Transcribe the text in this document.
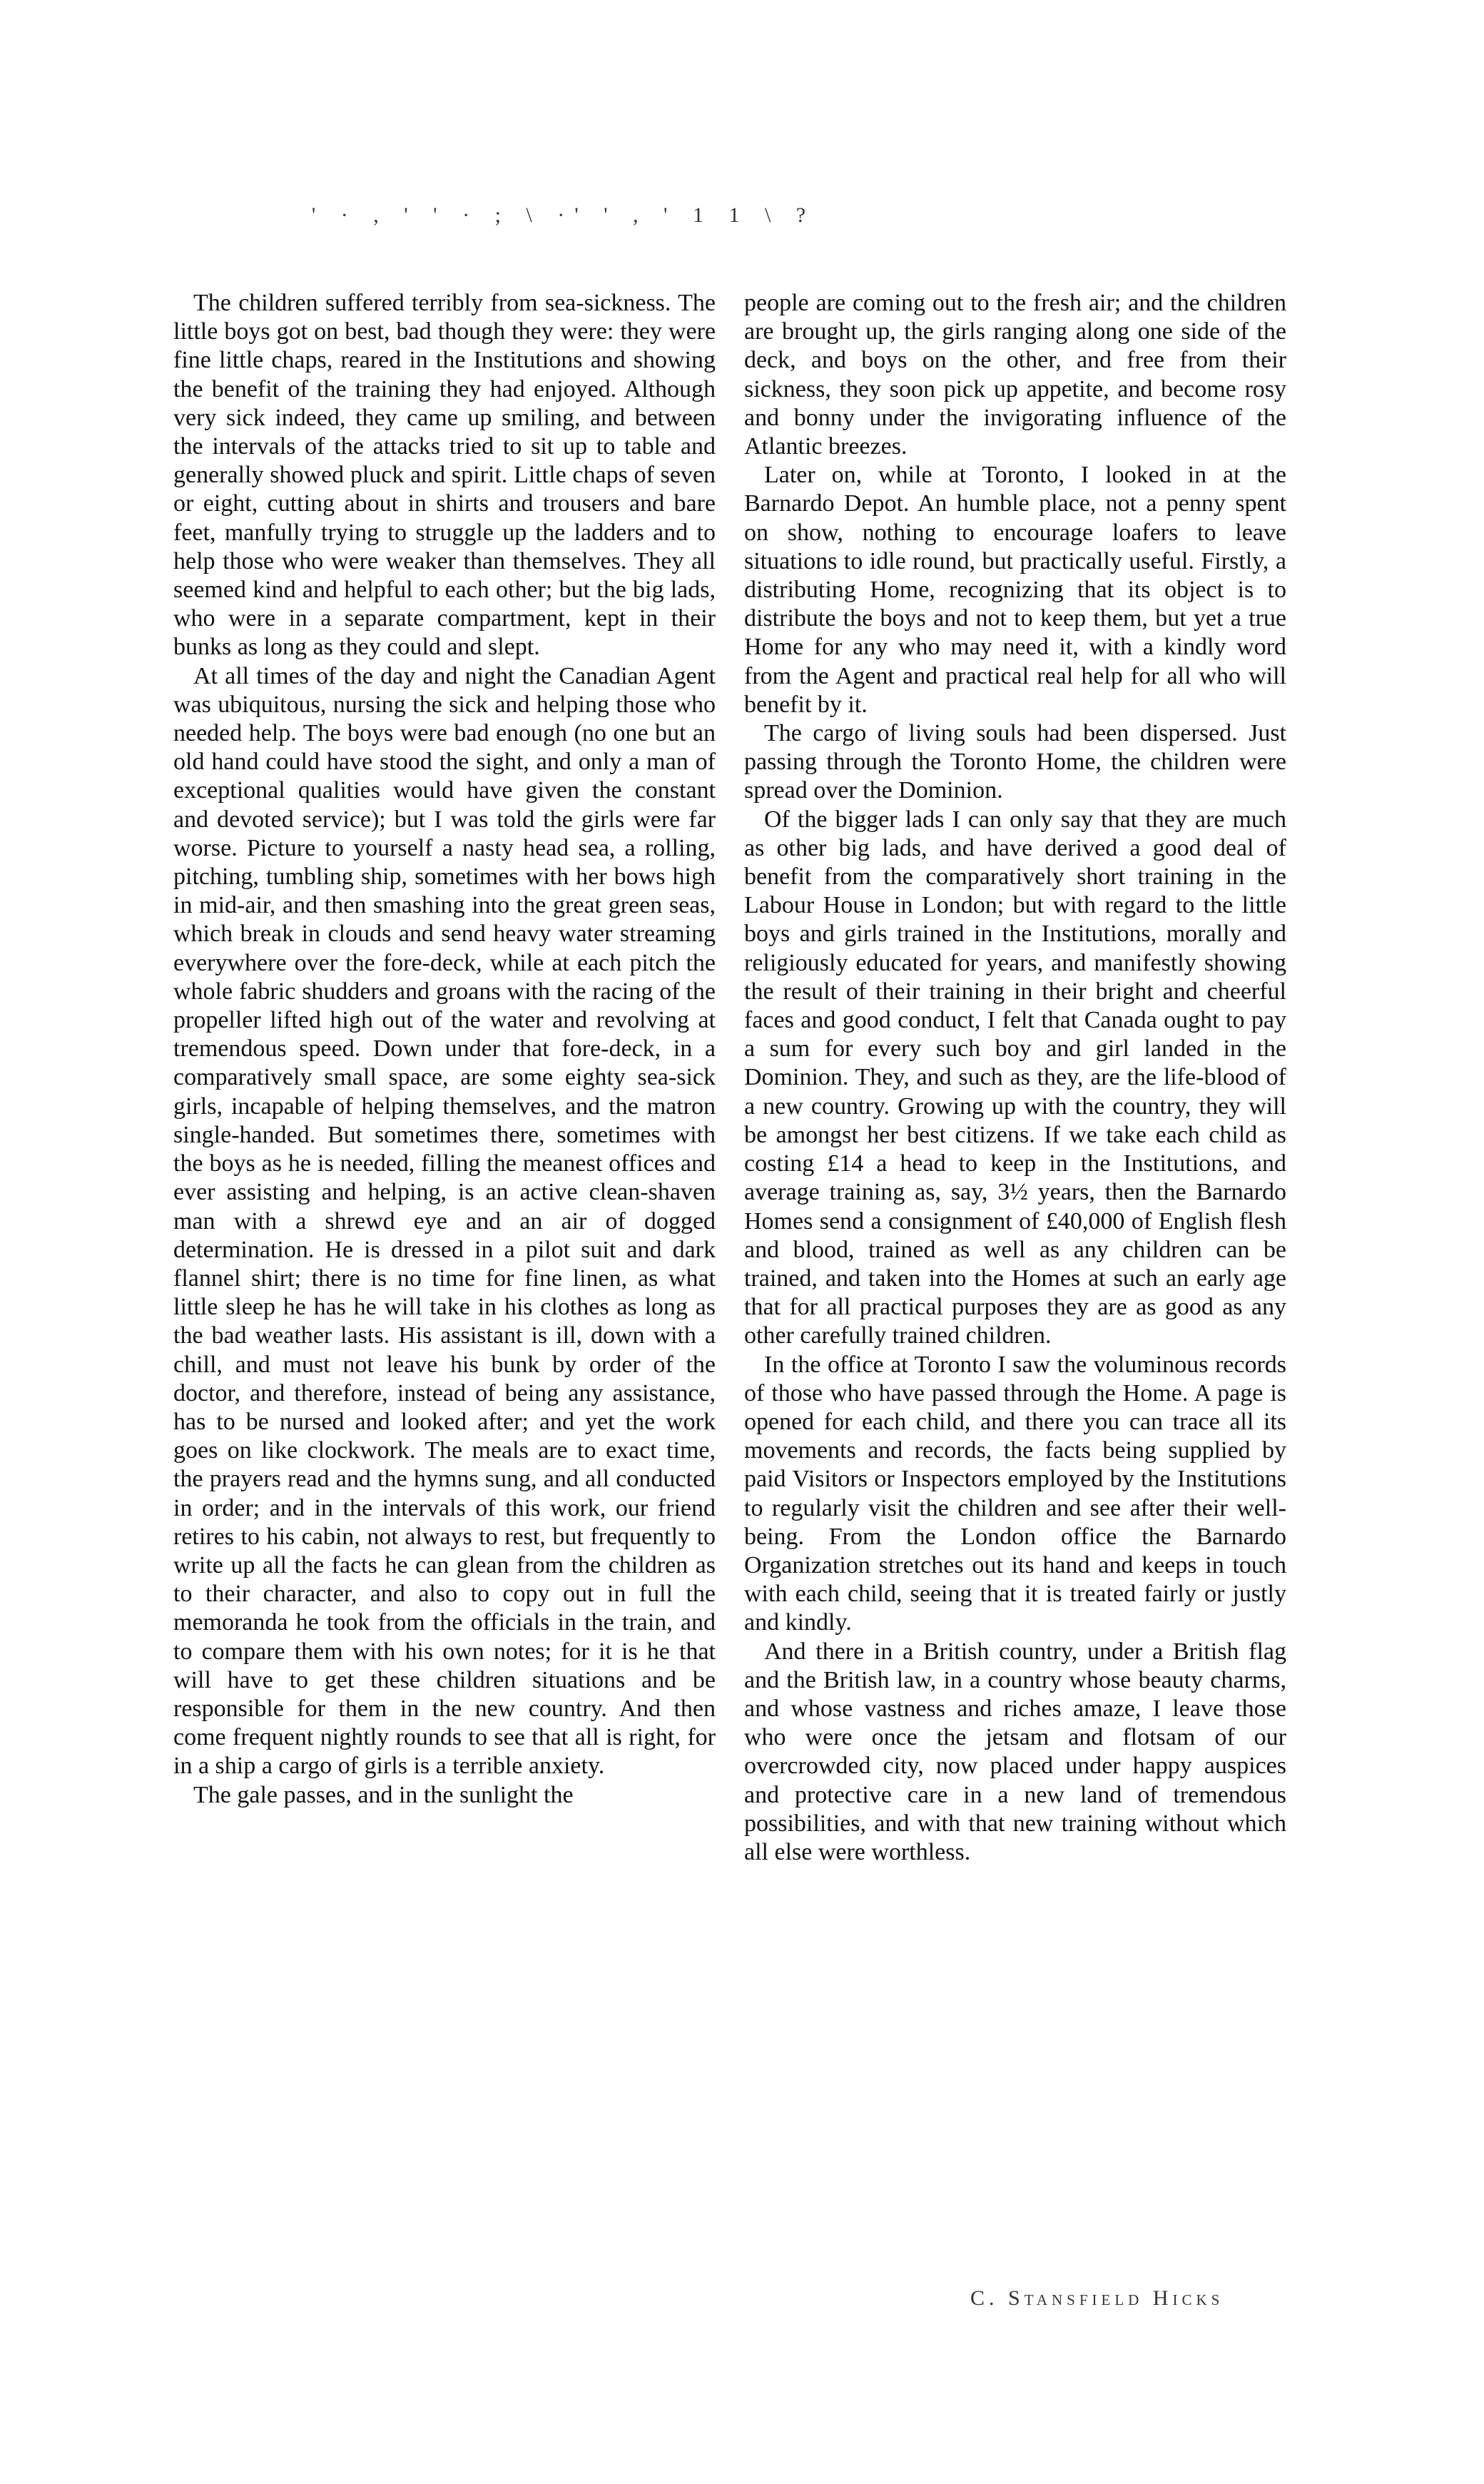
' · , ' ' · ; \ ·' ' , ' 1 1 \ ?

The children suffered terribly from sea-sickness. The little boys got on best, bad though they were: they were fine little chaps, reared in the Institutions and showing the benefit of the training they had enjoyed. Although very sick indeed, they came up smiling, and between the intervals of the attacks tried to sit up to table and generally showed pluck and spirit. Little chaps of seven or eight, cutting about in shirts and trousers and bare feet, manfully trying to struggle up the ladders and to help those who were weaker than themselves. They all seemed kind and helpful to each other; but the big lads, who were in a separate compartment, kept in their bunks as long as they could and slept.

At all times of the day and night the Canadian Agent was ubiquitous, nursing the sick and helping those who needed help. The boys were bad enough (no one but an old hand could have stood the sight, and only a man of exceptional qualities would have given the constant and devoted service); but I was told the girls were far worse. Picture to yourself a nasty head sea, a rolling, pitching, tumbling ship, sometimes with her bows high in mid-air, and then smashing into the great green seas, which break in clouds and send heavy water streaming everywhere over the fore-deck, while at each pitch the whole fabric shudders and groans with the racing of the propeller lifted high out of the water and revolving at tremendous speed. Down under that fore-deck, in a comparatively small space, are some eighty sea-sick girls, incapable of helping themselves, and the matron single-handed. But sometimes there, sometimes with the boys as he is needed, filling the meanest offices and ever assisting and helping, is an active clean-shaven man with a shrewd eye and an air of dogged determination. He is dressed in a pilot suit and dark flannel shirt; there is no time for fine linen, as what little sleep he has he will take in his clothes as long as the bad weather lasts. His assistant is ill, down with a chill, and must not leave his bunk by order of the doctor, and therefore, instead of being any assistance, has to be nursed and looked after; and yet the work goes on like clockwork. The meals are to exact time, the prayers read and the hymns sung, and all conducted in order; and in the intervals of this work, our friend retires to his cabin, not always to rest, but frequently to write up all the facts he can glean from the children as to their character, and also to copy out in full the memoranda he took from the officials in the train, and to compare them with his own notes; for it is he that will have to get these children situations and be responsible for them in the new country. And then come frequent nightly rounds to see that all is right, for in a ship a cargo of girls is a terrible anxiety.

The gale passes, and in the sunlight the

people are coming out to the fresh air; and the children are brought up, the girls ranging along one side of the deck, and boys on the other, and free from their sickness, they soon pick up appetite, and become rosy and bonny under the invigorating influence of the Atlantic breezes.

Later on, while at Toronto, I looked in at the Barnardo Depot. An humble place, not a penny spent on show, nothing to encourage loafers to leave situations to idle round, but practically useful. Firstly, a distributing Home, recognizing that its object is to distribute the boys and not to keep them, but yet a true Home for any who may need it, with a kindly word from the Agent and practical real help for all who will benefit by it.

The cargo of living souls had been dispersed. Just passing through the Toronto Home, the children were spread over the Dominion.

Of the bigger lads I can only say that they are much as other big lads, and have derived a good deal of benefit from the comparatively short training in the Labour House in London; but with regard to the little boys and girls trained in the Institutions, morally and religiously educated for years, and manifestly showing the result of their training in their bright and cheerful faces and good conduct, I felt that Canada ought to pay a sum for every such boy and girl landed in the Dominion. They, and such as they, are the life-blood of a new country. Growing up with the country, they will be amongst her best citizens. If we take each child as costing £14 a head to keep in the Institutions, and average training as, say, 3½ years, then the Barnardo Homes send a consignment of £40,000 of English flesh and blood, trained as well as any children can be trained, and taken into the Homes at such an early age that for all practical purposes they are as good as any other carefully trained children.

In the office at Toronto I saw the voluminous records of those who have passed through the Home. A page is opened for each child, and there you can trace all its movements and records, the facts being supplied by paid Visitors or Inspectors employed by the Institutions to regularly visit the children and see after their well-being. From the London office the Barnardo Organization stretches out its hand and keeps in touch with each child, seeing that it is treated fairly or justly and kindly.

And there in a British country, under a British flag and the British law, in a country whose beauty charms, and whose vastness and riches amaze, I leave those who were once the jetsam and flotsam of our overcrowded city, now placed under happy auspices and protective care in a new land of tremendous possibilities, and with that new training without which all else were worthless.

C. Stansfield Hicks
